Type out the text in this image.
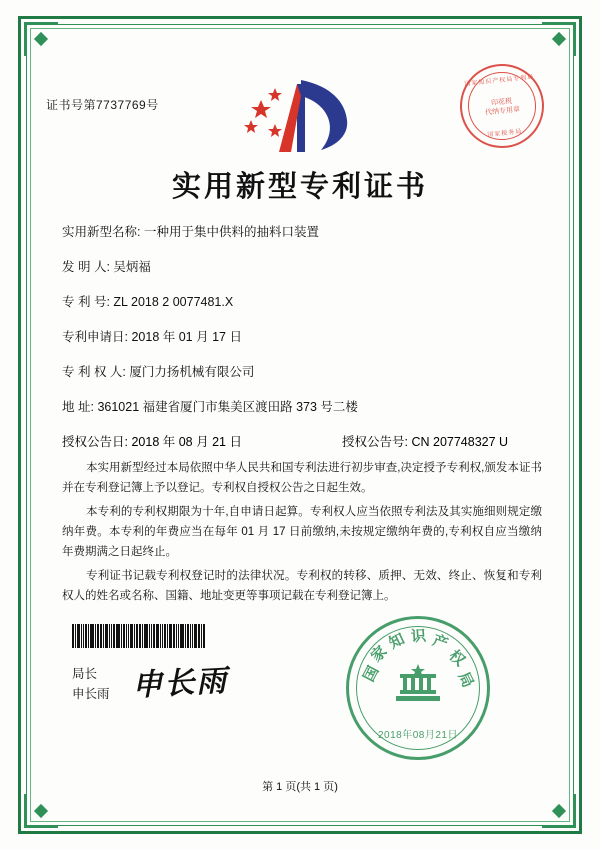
证书号第7737769号
国家知识产权局专利局
印花税
代纳专用章
国家税务局
实用新型专利证书
实用新型名称: 一种用于集中供料的抽料口装置
发 明 人: 吴炳福
专 利 号: ZL 2018 2 0077481.X
专利申请日: 2018 年 01 月 17 日
专 利 权 人: 厦门力扬机械有限公司
地 址: 361021 福建省厦门市集美区渡田路 373 号二楼
授权公告日: 2018 年 08 月 21 日	授权公告号: CN 207748327 U

本实用新型经过本局依照中华人民共和国专利法进行初步审查,决定授予专利权,颁发本证书并在专利登记簿上予以登记。专利权自授权公告之日起生效。

本专利的专利权期限为十年,自申请日起算。专利权人应当依照专利法及其实施细则规定缴纳年费。本专利的年费应当在每年 01 月 17 日前缴纳,未按规定缴纳年费的,专利权自应当缴纳年费期满之日起终止。

专利证书记载专利权登记时的法律状况。专利权的转移、质押、无效、终止、恢复和专利权人的姓名或名称、国籍、地址变更等事项记载在专利登记簿上。

局长
申长雨 申长雨	国
家
知 识 产
权
局
2018年08月21日
第 1 页(共 1 页)
